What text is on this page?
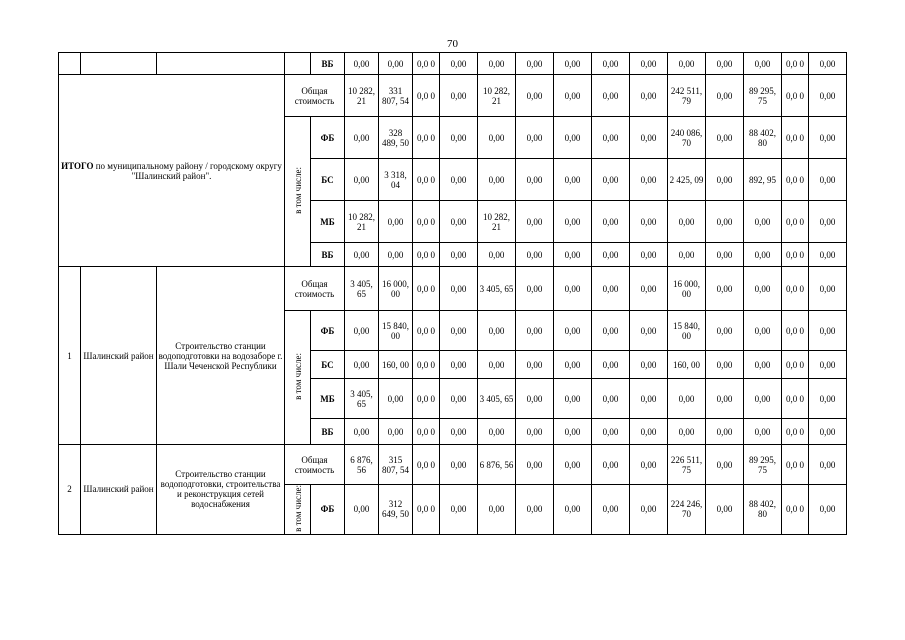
70
				ВБ	0,00	0,00	0,0 0	0,00	0,00	0,00	0,00	0,00	0,00	0,00	0,00	0,00	0,0 0	0,00
ИТОГО по муниципальному району / городскому округу "Шалинский район".			Общая стоимость		10 282, 21	331 807, 54	0,0 0	0,00	10 282, 21	0,00	0,00	0,00	0,00	242 511, 79	0,00	89 295, 75	0,0 0	0,00
			в том числе:	ФБ	0,00	328 489, 50	0,0 0	0,00	0,00	0,00	0,00	0,00	0,00	240 086, 70	0,00	88 402, 80	0,0 0	0,00
				БС	0,00	3 318, 04	0,0 0	0,00	0,00	0,00	0,00	0,00	0,00	2 425, 09	0,00	892, 95	0,0 0	0,00
				МБ	10 282, 21	0,00	0,0 0	0,00	10 282, 21	0,00	0,00	0,00	0,00	0,00	0,00	0,00	0,0 0	0,00
				ВБ	0,00	0,00	0,0 0	0,00	0,00	0,00	0,00	0,00	0,00	0,00	0,00	0,00	0,0 0	0,00
1	Шалинский район	Строительство станции водоподготовки на водозаборе г. Шали Чеченской Республики	Общая стоимость		3 405, 65	16 000, 00	0,0 0	0,00	3 405, 65	0,00	0,00	0,00	0,00	16 000, 00	0,00	0,00	0,0 0	0,00
			в том числе:	ФБ	0,00	15 840, 00	0,0 0	0,00	0,00	0,00	0,00	0,00	0,00	15 840, 00	0,00	0,00	0,0 0	0,00
				БС	0,00	160, 00	0,0 0	0,00	0,00	0,00	0,00	0,00	0,00	160, 00	0,00	0,00	0,0 0	0,00
				МБ	3 405, 65	0,00	0,0 0	0,00	3 405, 65	0,00	0,00	0,00	0,00	0,00	0,00	0,00	0,0 0	0,00
				ВБ	0,00	0,00	0,0 0	0,00	0,00	0,00	0,00	0,00	0,00	0,00	0,00	0,00	0,0 0	0,00
2	Шалинский район	Строительство станции водоподготовки, строительства и реконструкция сетей водоснабжения	Общая стоимость		6 876, 56	315 807, 54	0,0 0	0,00	6 876, 56	0,00	0,00	0,00	0,00	226 511, 75	0,00	89 295, 75	0,0 0	0,00
			в том числе:	ФБ	0,00	312 649, 50	0,0 0	0,00	0,00	0,00	0,00	0,00	0,00	224 246, 70	0,00	88 402, 80	0,0 0	0,00
